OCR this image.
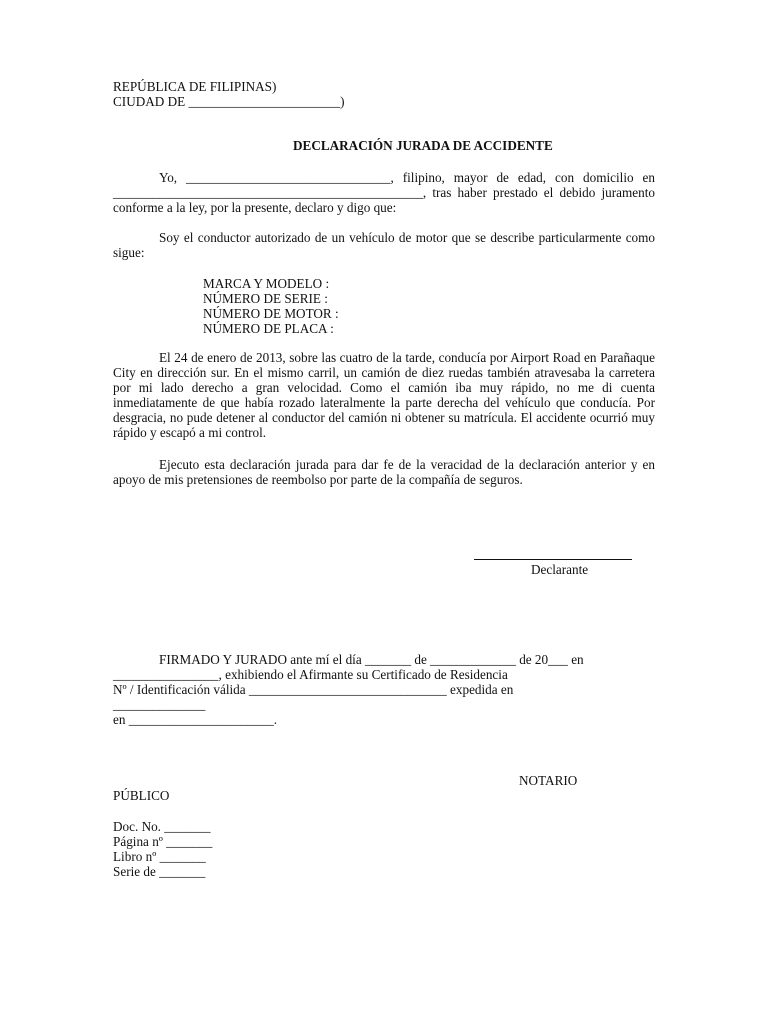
REPÚBLICA DE FILIPINAS)
CIUDAD DE _______________________)
DECLARACIÓN JURADA DE ACCIDENTE
Yo, _______________________________, filipino, mayor de edad, con domicilio en _______________________________________________, tras haber prestado el debido juramento conforme a la ley, por la presente, declaro y digo que:
Soy el conductor autorizado de un vehículo de motor que se describe particularmente como sigue:
MARCA Y MODELO :
NÚMERO DE SERIE :
NÚMERO DE MOTOR :
NÚMERO DE PLACA :
El 24 de enero de 2013, sobre las cuatro de la tarde, conducía por Airport Road en Parañaque City en dirección sur. En el mismo carril, un camión de diez ruedas también atravesaba la carretera por mi lado derecho a gran velocidad. Como el camión iba muy rápido, no me di cuenta inmediatamente de que había rozado lateralmente la parte derecha del vehículo que conducía. Por desgracia, no pude detener al conductor del camión ni obtener su matrícula. El accidente ocurrió muy rápido y escapó a mi control.
Ejecuto esta declaración jurada para dar fe de la veracidad de la declaración anterior y en apoyo de mis pretensiones de reembolso por parte de la compañía de seguros.
Declarante
FIRMADO Y JURADO ante mí el día _______ de _____________ de 20___ en
________________, exhibiendo el Afirmante su Certificado de Residencia
Nº / Identificación válida ______________________________ expedida en
______________
en ______________________.
NOTARIO
PÚBLICO
Doc. No. _______
Página nº _______
Libro nº _______
Serie de _______
